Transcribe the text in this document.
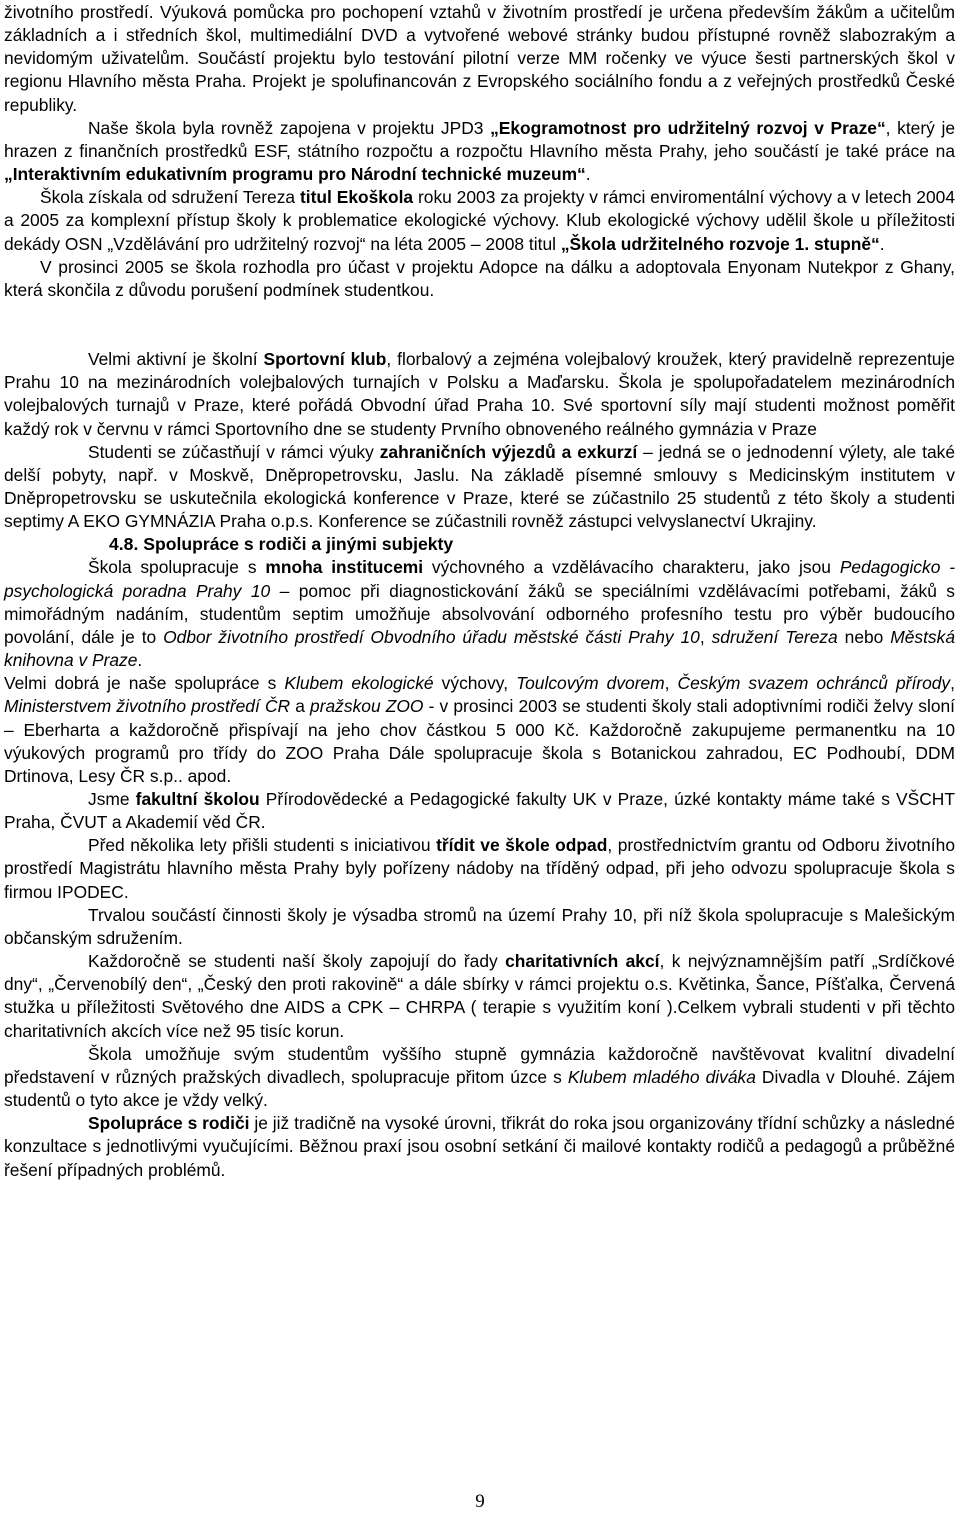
životního prostředí. Výuková pomůcka pro pochopení vztahů v životním prostředí je určena především žákům a učitelům základních a i středních škol, multimediální DVD a vytvořené webové stránky budou přístupné rovněž slabozrakým a nevidomým uživatelům. Součástí projektu bylo testování pilotní verze MM ročenky ve výuce šesti partnerských škol v regionu Hlavního města Praha. Projekt je spolufinancován z Evropského sociálního fondu a z veřejných prostředků České republiky.

Naše škola byla rovněž zapojena v projektu JPD3 „Ekogramotnost pro udržitelný rozvoj v Praze“, který je hrazen z finančních prostředků ESF, státního rozpočtu a rozpočtu Hlavního města Prahy, jeho součástí je také práce na „Interaktivním edukativním programu pro Národní technické muzeum“.

Škola získala od sdružení Tereza titul Ekoškola roku 2003 za projekty v rámci enviromentální výchovy a v letech 2004 a 2005 za komplexní přístup školy k problematice ekologické výchovy. Klub ekologické výchovy udělil škole u příležitosti dekády OSN „Vzdělávání pro udržitelný rozvoj“ na léta 2005 – 2008 titul „Škola udržitelného rozvoje 1. stupně“.

V prosinci 2005 se škola rozhodla pro účast v projektu Adopce na dálku a adoptovala Enyonam Nutekpor z Ghany, která skončila z důvodu porušení podmínek studentkou.

Velmi aktivní je školní Sportovní klub, florbalový a zejména volejbalový kroužek, který pravidelně reprezentuje Prahu 10 na mezinárodních volejbalových turnajích v Polsku a Maďarsku. Škola je spolupořadatelem mezinárodních volejbalových turnajů v Praze, které pořádá Obvodní úřad Praha 10. Své sportovní síly mají studenti možnost poměřit každý rok v červnu v rámci Sportovního dne se studenty Prvního obnoveného reálného gymnázia v Praze

Studenti se zúčastňují v rámci výuky zahraničních výjezdů a exkurzí – jedná se o jednodenní výlety, ale také delší pobyty, např. v Moskvě, Dněpropetrovsku, Jaslu. Na základě písemné smlouvy s Medicinským institutem v Dněpropetrovsku se uskutečnila ekologická konference v Praze, které se zúčastnilo 25 studentů z této školy a studenti septimy A EKO GYMNÁZIA Praha o.p.s. Konference se zúčastnili rovněž zástupci velvyslanectví Ukrajiny.

4.8. Spolupráce s rodiči a jinými subjekty

Škola spolupracuje s mnoha institucemi výchovného a vzdělávacího charakteru, jako jsou Pedagogicko - psychologická poradna Prahy 10 – pomoc při diagnostickování žáků se speciálními vzdělávacími potřebami, žáků s mimořádným nadáním, studentům septim umožňuje absolvování odborného profesního testu pro výběr budoucího povolání, dále je to Odbor životního prostředí Obvodního úřadu městské části Prahy 10, sdružení Tereza nebo Městská knihovna v Praze.

Velmi dobrá je naše spolupráce s Klubem ekologické výchovy, Toulcovým dvorem, Českým svazem ochránců přírody, Ministerstvem životního prostředí ČR a pražskou ZOO - v prosinci 2003 se studenti školy stali adoptivními rodiči želvy sloní – Eberharta a každoročně přispívají na jeho chov částkou 5 000 Kč. Každoročně zakupujeme permanentku na 10 výukových programů pro třídy do ZOO Praha Dále spolupracuje škola s Botanickou zahradou, EC Podhoubí, DDM Drtinova, Lesy ČR s.p.. apod.

Jsme fakultní školou Přírodovědecké a Pedagogické fakulty UK v Praze, úzké kontakty máme také s VŠCHT Praha, ČVUT a Akademií věd ČR.

Před několika lety přišli studenti s iniciativou třídit ve škole odpad, prostřednictvím grantu od Odboru životního prostředí Magistrátu hlavního města Prahy byly pořízeny nádoby na tříděný odpad, při jeho odvozu spolupracuje škola s firmou IPODEC.

Trvalou součástí činnosti školy je výsadba stromů na území Prahy 10, při níž škola spolupracuje s Malešickým občanským sdružením.

Každoročně se studenti naší školy zapojují do řady charitativních akcí, k nejvýznamnějším patří „Srdíčkové dny“, „Červenobílý den“, „Český den proti rakovině“ a dále sbírky v rámci projektu o.s. Květinka, Šance, Píšťalka, Červená stužka u příležitosti Světového dne AIDS a CPK – CHRPA ( terapie s využitím koní ).Celkem vybrali studenti v při těchto charitativních akcích více než 95 tisíc korun.

Škola umožňuje svým studentům vyššího stupně gymnázia každoročně navštěvovat kvalitní divadelní představení v různých pražských divadlech, spolupracuje přitom úzce s Klubem mladého diváka Divadla v Dlouhé. Zájem studentů o tyto akce je vždy velký.

Spolupráce s rodiči je již tradičně na vysoké úrovni, třikrát do roka jsou organizovány třídní schůzky a následné konzultace s jednotlivými vyučujícími. Běžnou praxí jsou osobní setkání či mailové kontakty rodičů a pedagogů a průběžné řešení případných problémů.

9
